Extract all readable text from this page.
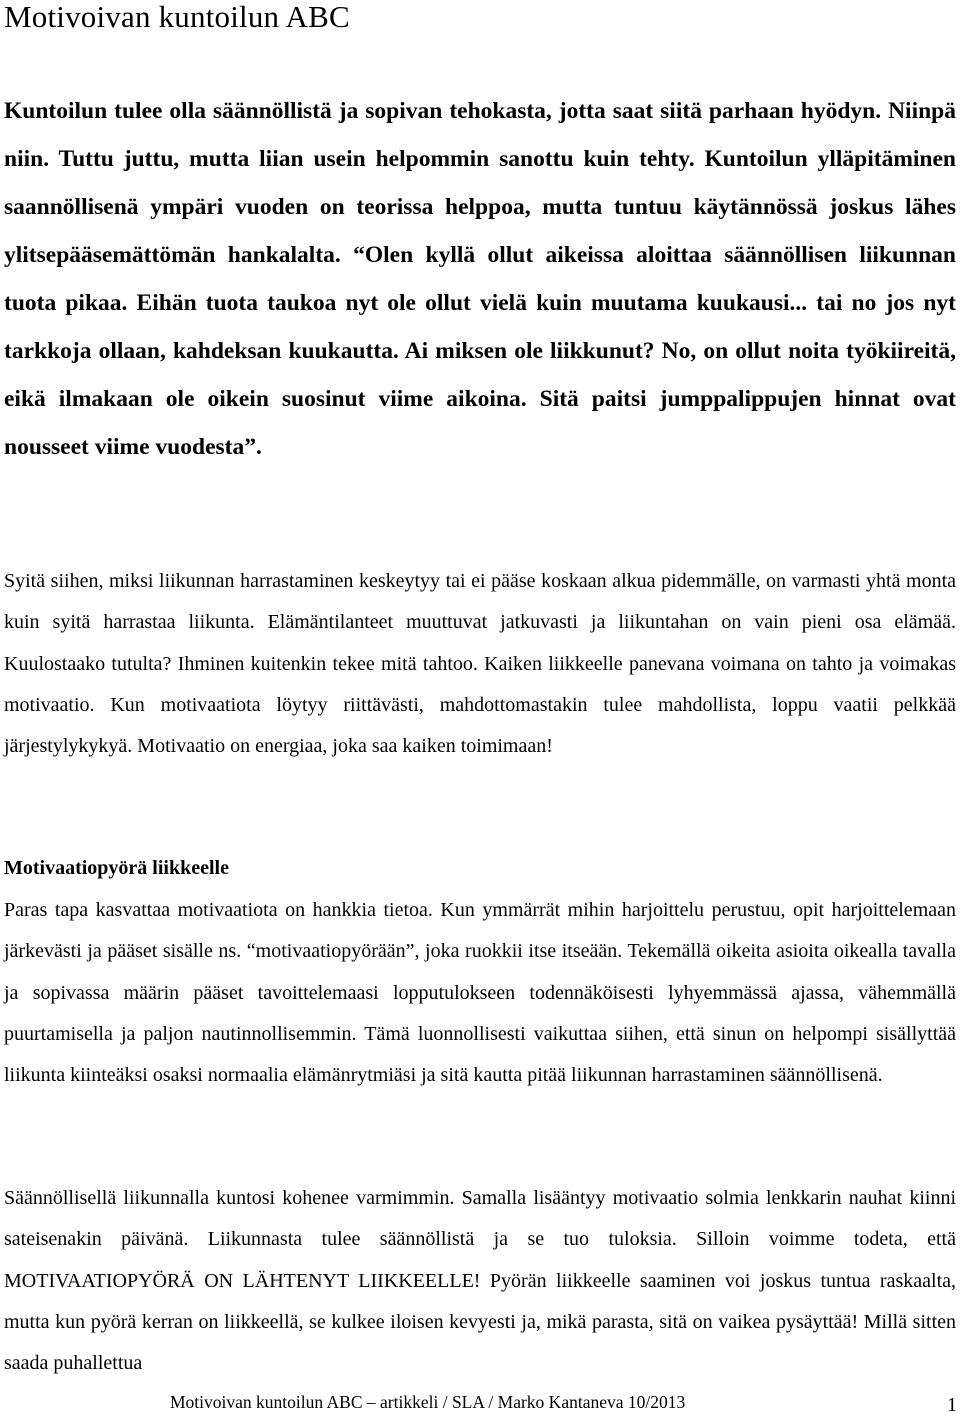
Motivoivan kuntoilun ABC

Kuntoilun tulee olla säännöllistä ja sopivan tehokasta, jotta saat siitä parhaan hyödyn. Niinpä niin. Tuttu juttu, mutta liian usein helpommin sanottu kuin tehty. Kuntoilun ylläpitäminen saannöllisenä ympäri vuoden on teorissa helppoa, mutta tuntuu käytännössä joskus lähes ylitsepääsemättömän hankalalta. “Olen kyllä ollut aikeissa aloittaa säännöllisen liikunnan tuota pikaa. Eihän tuota taukoa nyt ole ollut vielä kuin muutama kuukausi... tai no jos nyt tarkkoja ollaan, kahdeksan kuukautta. Ai miksen ole liikkunut? No, on ollut noita työkiireitä, eikä ilmakaan ole oikein suosinut viime aikoina. Sitä paitsi jumppalippujen hinnat ovat nousseet viime vuodesta”.

Syitä siihen, miksi liikunnan harrastaminen keskeytyy tai ei pääse koskaan alkua pidemmälle, on varmasti yhtä monta kuin syitä harrastaa liikunta. Elämäntilanteet muuttuvat jatkuvasti ja liikuntahan on vain pieni osa elämää. Kuulostaako tutulta? Ihminen kuitenkin tekee mitä tahtoo. Kaiken liikkeelle panevana voimana on tahto ja voimakas motivaatio. Kun motivaatiota löytyy riittävästi, mahdottomastakin tulee mahdollista, loppu vaatii pelkkää järjestylykykyä. Motivaatio on energiaa, joka saa kaiken toimimaan!

Motivaatiopyörä liikkeelle

Paras tapa kasvattaa motivaatiota on hankkia tietoa. Kun ymmärrät mihin harjoittelu perustuu, opit harjoittelemaan järkevästi ja pääset sisälle ns. “motivaatiopyörään”, joka ruokkii itse itseään. Tekemällä oikeita asioita oikealla tavalla ja sopivassa määrin pääset tavoittelemaasi lopputulokseen todennäköisesti lyhyemmässä ajassa, vähemmällä puurtamisella ja paljon nautinnollisemmin. Tämä luonnollisesti vaikuttaa siihen, että sinun on helpompi sisällyttää liikunta kiinteäksi osaksi normaalia elämänrytmiäsi ja sitä kautta pitää liikunnan harrastaminen säännöllisenä.

Säännöllisellä liikunnalla kuntosi kohenee varmimmin. Samalla lisääntyy motivaatio solmia lenkkarin nauhat kiinni sateisenakin päivänä. Liikunnasta tulee säännöllistä ja se tuo tuloksia. Silloin voimme todeta, että MOTIVAATIOPYÖRÄ ON LÄHTENYT LIIKKEELLE! Pyörän liikkeelle saaminen voi joskus tuntua raskaalta, mutta kun pyörä kerran on liikkeellä, se kulkee iloisen kevyesti ja, mikä parasta, sitä on vaikea pysäyttää! Millä sitten saada puhallettua

Motivoivan kuntoilun ABC – artikkeli / SLA / Marko Kantaneva 10/2013	1
